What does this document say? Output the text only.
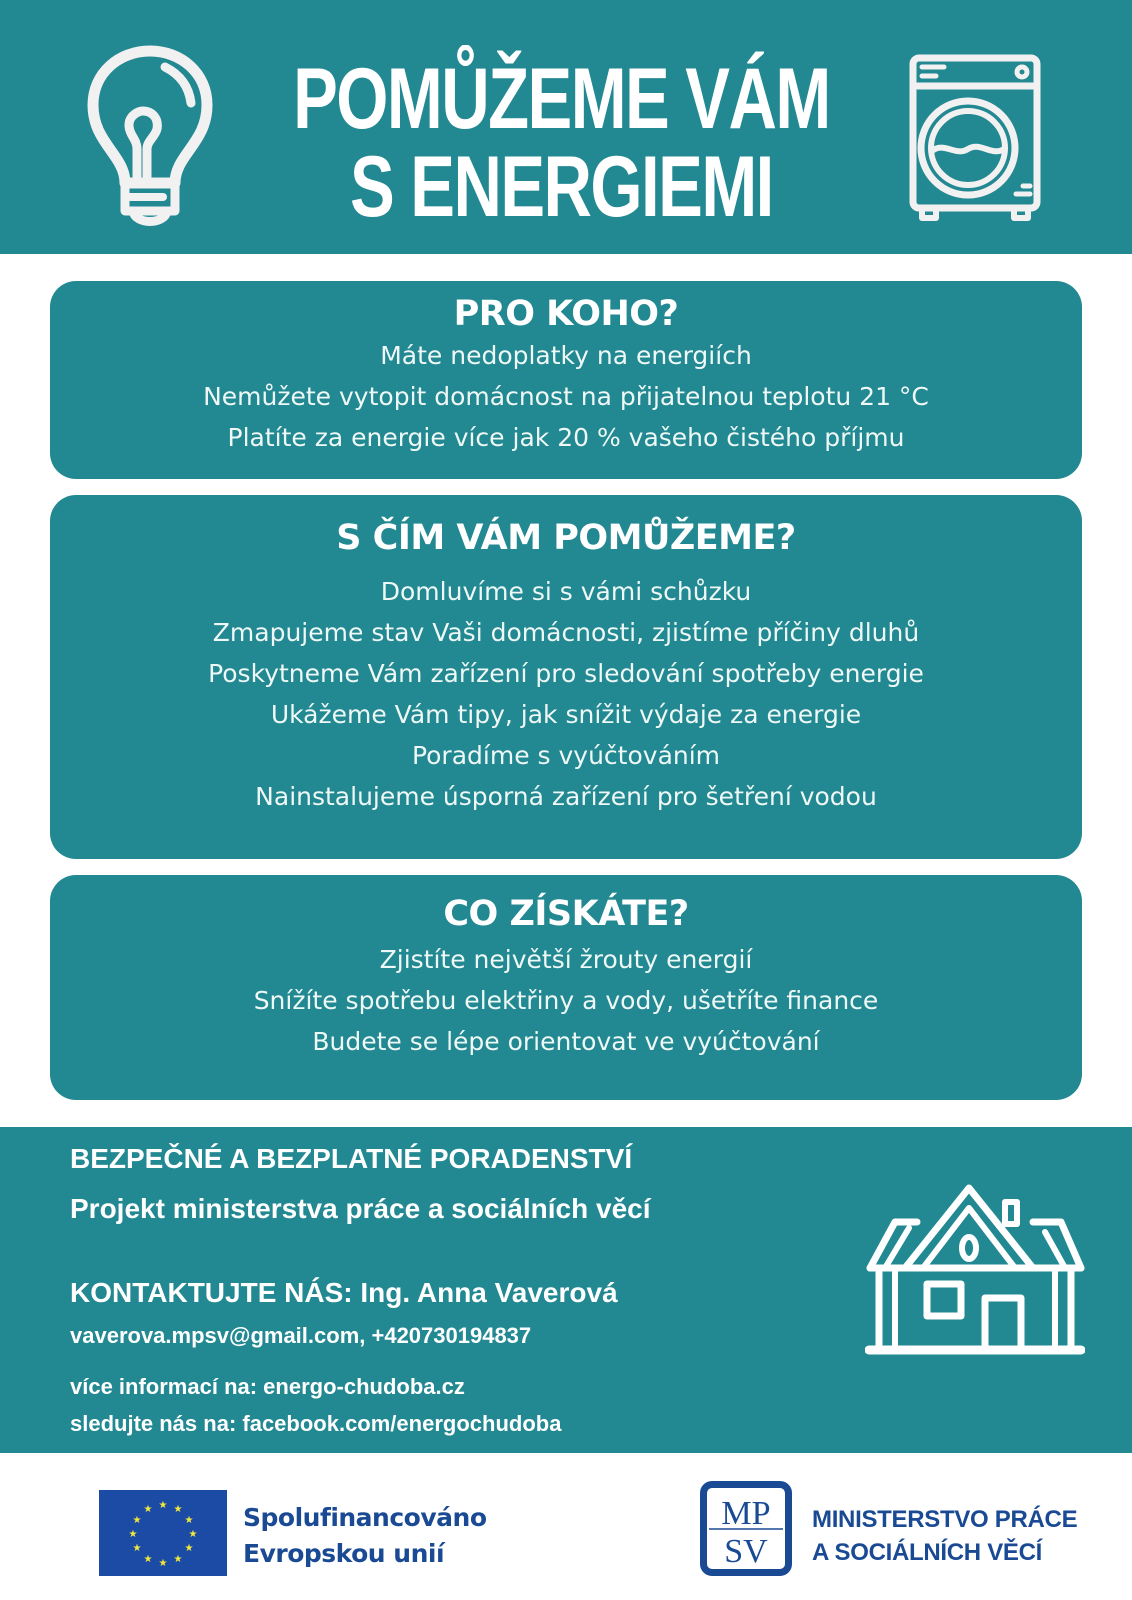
POMŮŽEME VÁM
S ENERGIEMI
PRO KOHO?

Máte nedoplatky na energiích

Nemůžete vytopit domácnost na přijatelnou teplotu 21 °C

Platíte za energie více jak 20 % vašeho čistého příjmu

S ČÍM VÁM POMŮŽEME?

Domluvíme si s vámi schůzku

Zmapujeme stav Vaši domácnosti, zjistíme příčiny dluhů

Poskytneme Vám zařízení pro sledování spotřeby energie

Ukážeme Vám tipy, jak snížit výdaje za energie

Poradíme s vyúčtováním

Nainstalujeme úsporná zařízení pro šetření vodou

CO ZÍSKÁTE?

Zjistíte největší žrouty energií

Snížíte spotřebu elektřiny a vody, ušetříte finance

Budete se lépe orientovat ve vyúčtování

BEZPEČNÉ A BEZPLATNÉ PORADENSTVÍ
Projekt ministerstva práce a sociálních věcí
KONTAKTUJTE NÁS: Ing. Anna Vaverová
vaverova.mpsv@gmail.com, +420730194837
více informací na: energo-chudoba.cz
sledujte nás na: facebook.com/energochudoba
★ ★
★
★
★
★
★
★
★
★
★
★	Spolufinancováno
Evropskou unií
MP
SV
MINISTERSTVO PRÁCE
A SOCIÁLNÍCH VĚCÍ
